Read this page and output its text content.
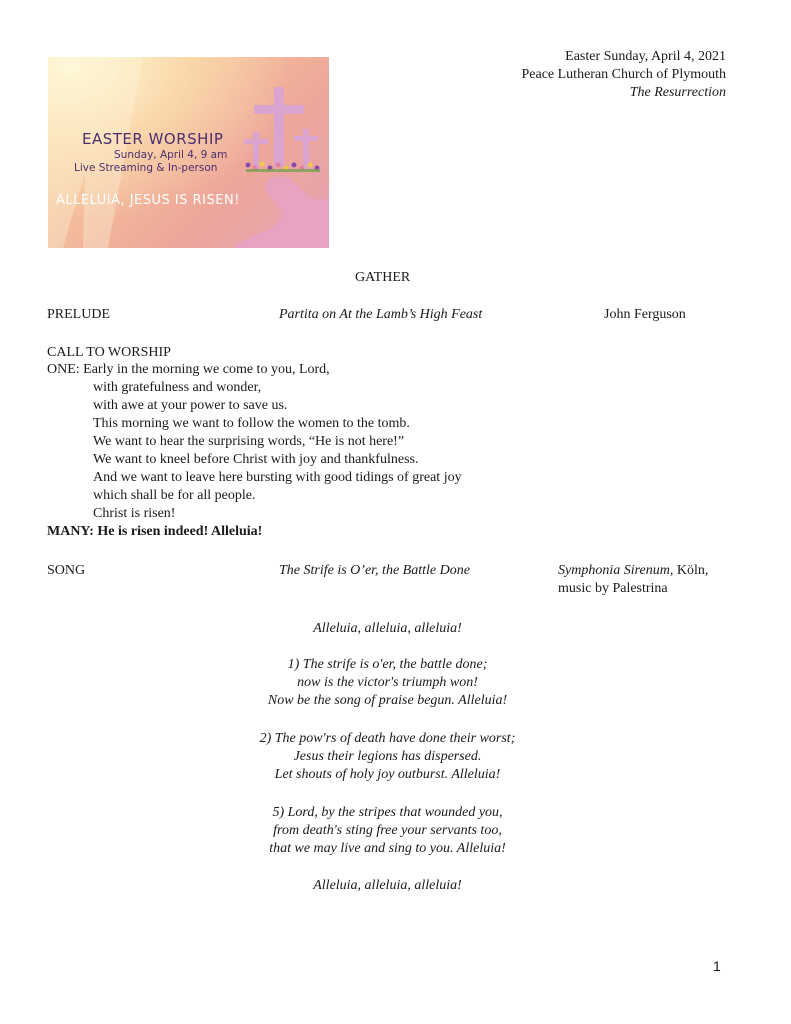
Easter Sunday, April 4, 2021
Peace Lutheran Church of Plymouth
The Resurrection
EASTER WORSHIP
Sunday, April 4, 9 am
Live Streaming & In-person
ALLELUIA, JESUS IS RISEN!
GATHER
PRELUDE	Partita on At the Lamb’s High Feast	John Ferguson
CALL TO WORSHIP
ONE: Early in the morning we come to you, Lord,
with gratefulness and wonder,
with awe at your power to save us.
This morning we want to follow the women to the tomb.
We want to hear the surprising words, “He is not here!”
We want to kneel before Christ with joy and thankfulness.
And we want to leave here bursting with good tidings of great joy
which shall be for all people.
Christ is risen!
MANY: He is risen indeed! Alleluia!
SONG	The Strife is O’er, the Battle Done	Symphonia Sirenum, Köln,
music by Palestrina
Alleluia, alleluia, alleluia!
1) The strife is o'er, the battle done;
now is the victor's triumph won!
Now be the song of praise begun. Alleluia!
2) The pow'rs of death have done their worst;
Jesus their legions has dispersed.
Let shouts of holy joy outburst. Alleluia!
5) Lord, by the stripes that wounded you,
from death's sting free your servants too,
that we may live and sing to you. Alleluia!
Alleluia, alleluia, alleluia!
1
